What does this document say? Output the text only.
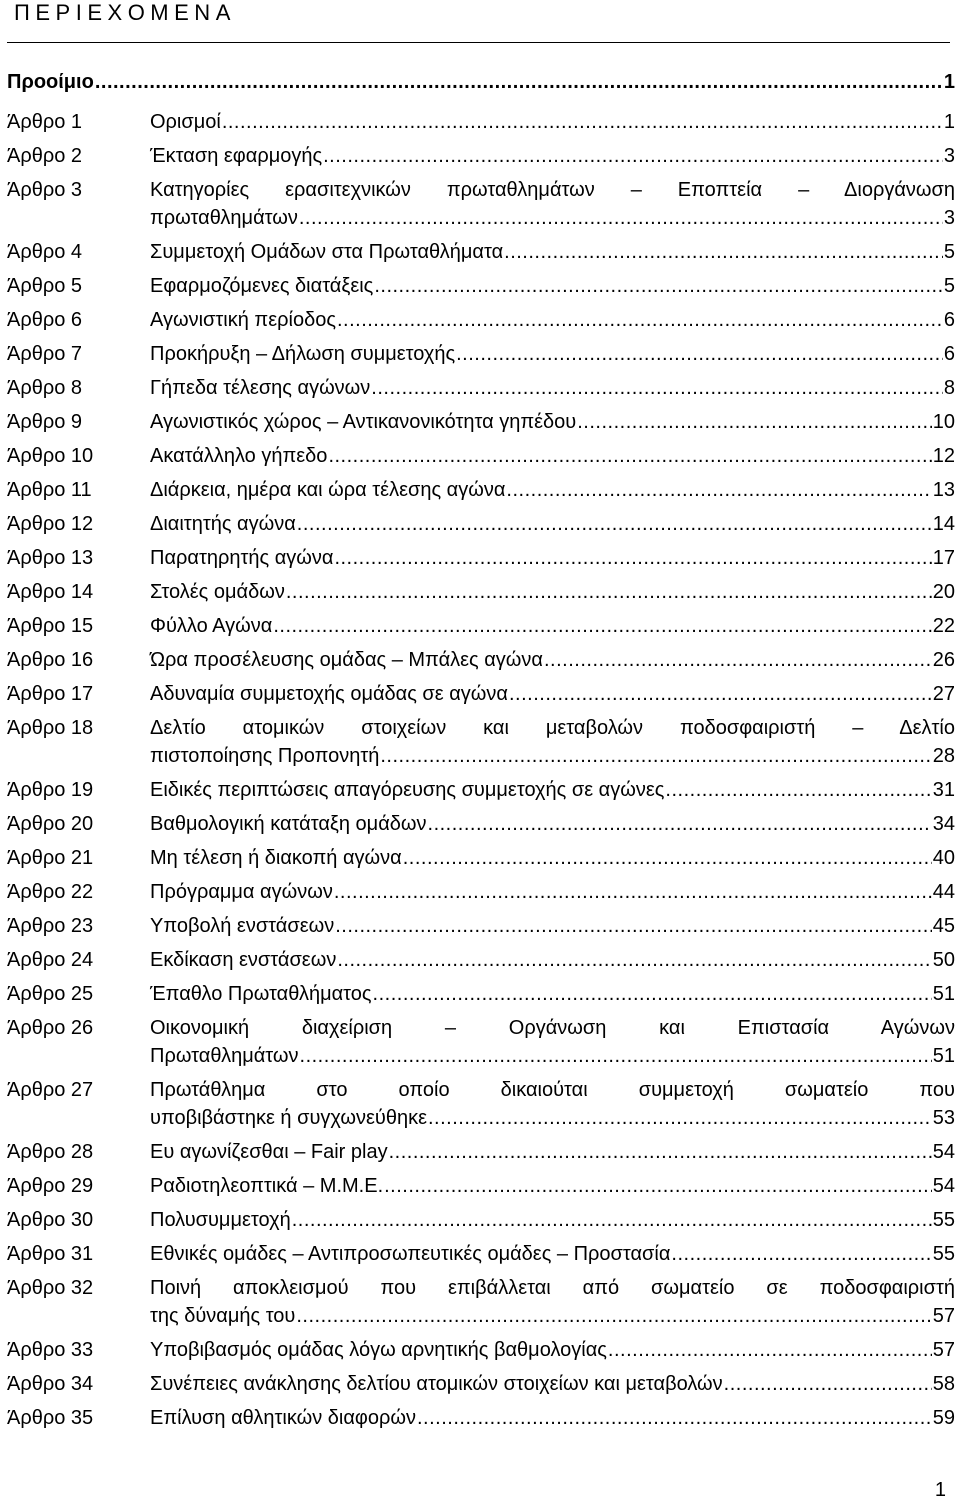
ΠΕΡΙΕΧΟΜΕΝΑ
Προοίμιο .....	1
Άρθρο 1	Ορισμοί .....	1
Άρθρο 2	Έκταση εφαρμογής .....	3
Άρθρο 3	Κατηγορίες ερασιτεχνικών πρωταθλημάτων – Εποπτεία – Διοργάνωση
πρωταθλημάτων .....	3
Άρθρο 4	Συμμετοχή Ομάδων στα Πρωταθλήματα .....	5
Άρθρο 5	Εφαρμοζόμενες διατάξεις .....	5
Άρθρο 6	Αγωνιστική περίοδος .....	6
Άρθρο 7	Προκήρυξη – Δήλωση συμμετοχής .....	6
Άρθρο 8	Γήπεδα τέλεσης αγώνων .....	8
Άρθρο 9	Αγωνιστικός χώρος – Αντικανονικότητα γηπέδου .....	10
Άρθρο 10	Ακατάλληλο γήπεδο .....	12
Άρθρο 11	Διάρκεια, ημέρα και ώρα τέλεσης αγώνα .....	13
Άρθρο 12	Διαιτητής αγώνα .....	14
Άρθρο 13	Παρατηρητής αγώνα .....	17
Άρθρο 14	Στολές ομάδων .....	20
Άρθρο 15	Φύλλο Αγώνα .....	22
Άρθρο 16	Ώρα προσέλευσης ομάδας – Μπάλες αγώνα .....	26
Άρθρο 17	Αδυναμία συμμετοχής ομάδας σε αγώνα .....	27
Άρθρο 18	Δελτίο ατομικών στοιχείων και μεταβολών ποδοσφαιριστή – Δελτίο
πιστοποίησης Προπονητή .....	28
Άρθρο 19	Ειδικές περιπτώσεις απαγόρευσης συμμετοχής σε αγώνες .....	31
Άρθρο 20	Βαθμολογική κατάταξη ομάδων .....	34
Άρθρο 21	Μη τέλεση ή διακοπή αγώνα .....	40
Άρθρο 22	Πρόγραμμα αγώνων .....	44
Άρθρο 23	Υποβολή ενστάσεων .....	45
Άρθρο 24	Εκδίκαση ενστάσεων .....	50
Άρθρο 25	Έπαθλο Πρωταθλήματος .....	51
Άρθρο 26	Οικονομική διαχείριση – Οργάνωση και Επιστασία Αγώνων
Πρωταθλημάτων .....	51
Άρθρο 27	Πρωτάθλημα στο οποίο δικαιούται συμμετοχή σωματείο που
υποβιβάστηκε ή συγχωνεύθηκε .....	53
Άρθρο 28	Ευ αγωνίζεσθαι – Fair play .....	54
Άρθρο 29	Ραδιοτηλεοπτικά – Μ.Μ.Ε. .....	54
Άρθρο 30	Πολυσυμμετοχή .....	55
Άρθρο 31	Εθνικές ομάδες – Αντιπροσωπευτικές ομάδες – Προστασία .....	55
Άρθρο 32	Ποινή αποκλεισμού που επιβάλλεται από σωματείο σε ποδοσφαιριστή
της δύναμής του .....	57
Άρθρο 33	Υποβιβασμός ομάδας λόγω αρνητικής βαθμολογίας .....	57
Άρθρο 34	Συνέπειες ανάκλησης δελτίου ατομικών στοιχείων και μεταβολών .....	58
Άρθρο 35	Επίλυση αθλητικών διαφορών .....	59
1
